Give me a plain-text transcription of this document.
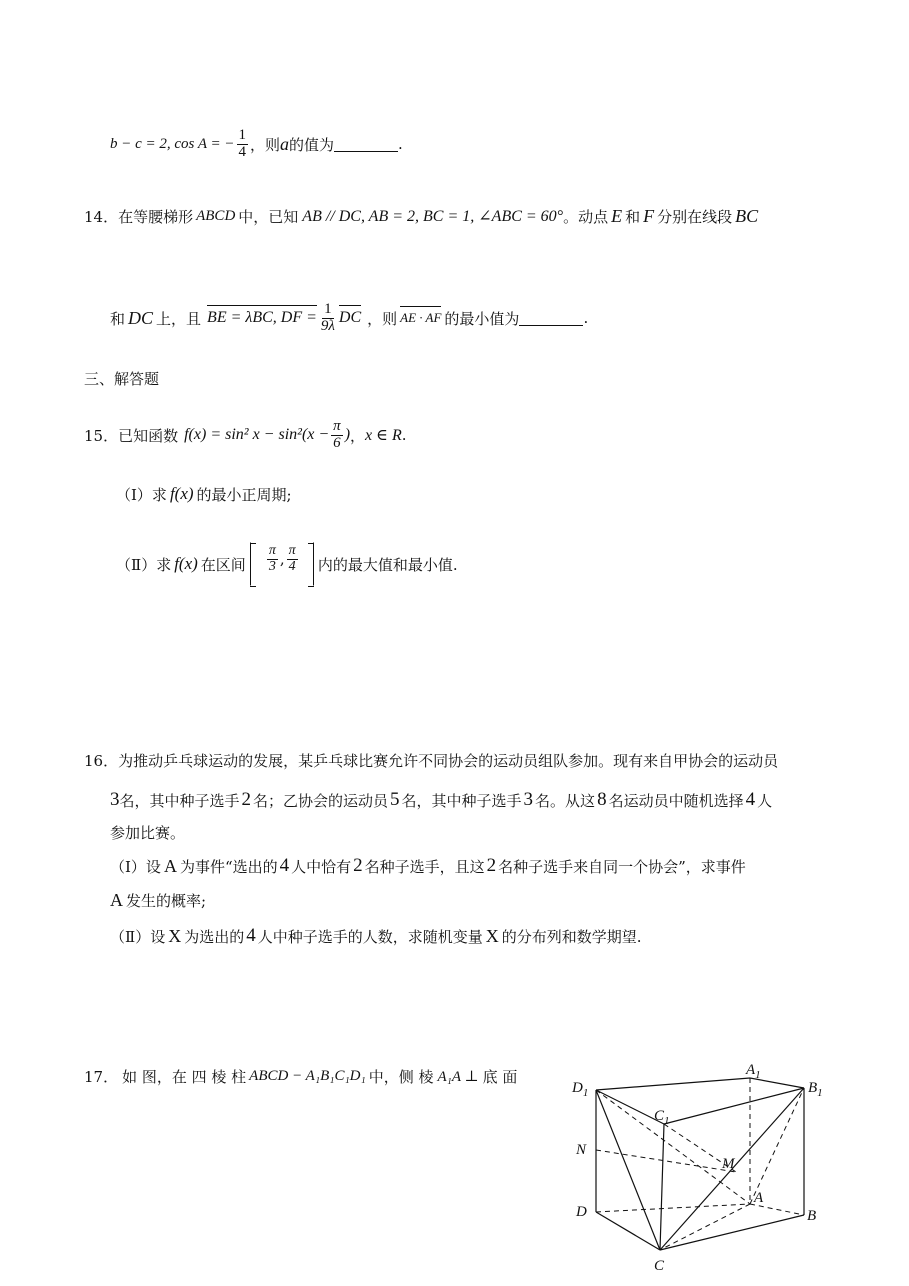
b − c = 2, cos A = − $\frac{1}{4}$ ，则 a 的值为	.
14． 在等腰梯形 ABCD 中，已知 AB // DC, AB = 2, BC = 1, ∠ABC = 60° 。动点 E 和 F 分别在线段 BC
和 DC 上，且 BE = λBC, DF = $\frac{1}{9\lambda}$ DC ，则 AE · AF 的最小值为	.
三、解答题
15． 已知函数 f(x) = sin² $x - \sin^2(x - \frac{\pi}{6}$ ) ， x ∈ R .
（Ⅰ）求 f(x) 的最小正周期;
（Ⅱ）求 f(x) 在区间 $\frac{\pi}{3}$ , $\frac{\pi}{4}$ 内的最大值和最小值.
16．为推动乒乓球运动的发展，某乒乓球比赛允许不同协会的运动员组队参加。现有来自甲协会的运动员
3 名，其中种子选手 2 名；乙协会的运动员 5 名，其中种子选手 3 名。从这 8 名运动员中随机选择 4 人
参加比赛。
（Ⅰ）设 A 为事件“选出的 4 人中恰有 2 名种子选手，且这 2 名种子选手来自同一个协会”，求事件
A 发生的概率;
（Ⅱ）设 X 为选出的 4 人中种子选手的人数，求随机变量 X 的分布列和数学期望.
17． 如 图，在 四 棱 柱 ABCD − A₁B₁C₁D₁ 中，侧 棱 A₁A ⊥ 底 面
$D_1$
$A_1$
$B_1$
$C_1$
N
M
A
D	B
C
